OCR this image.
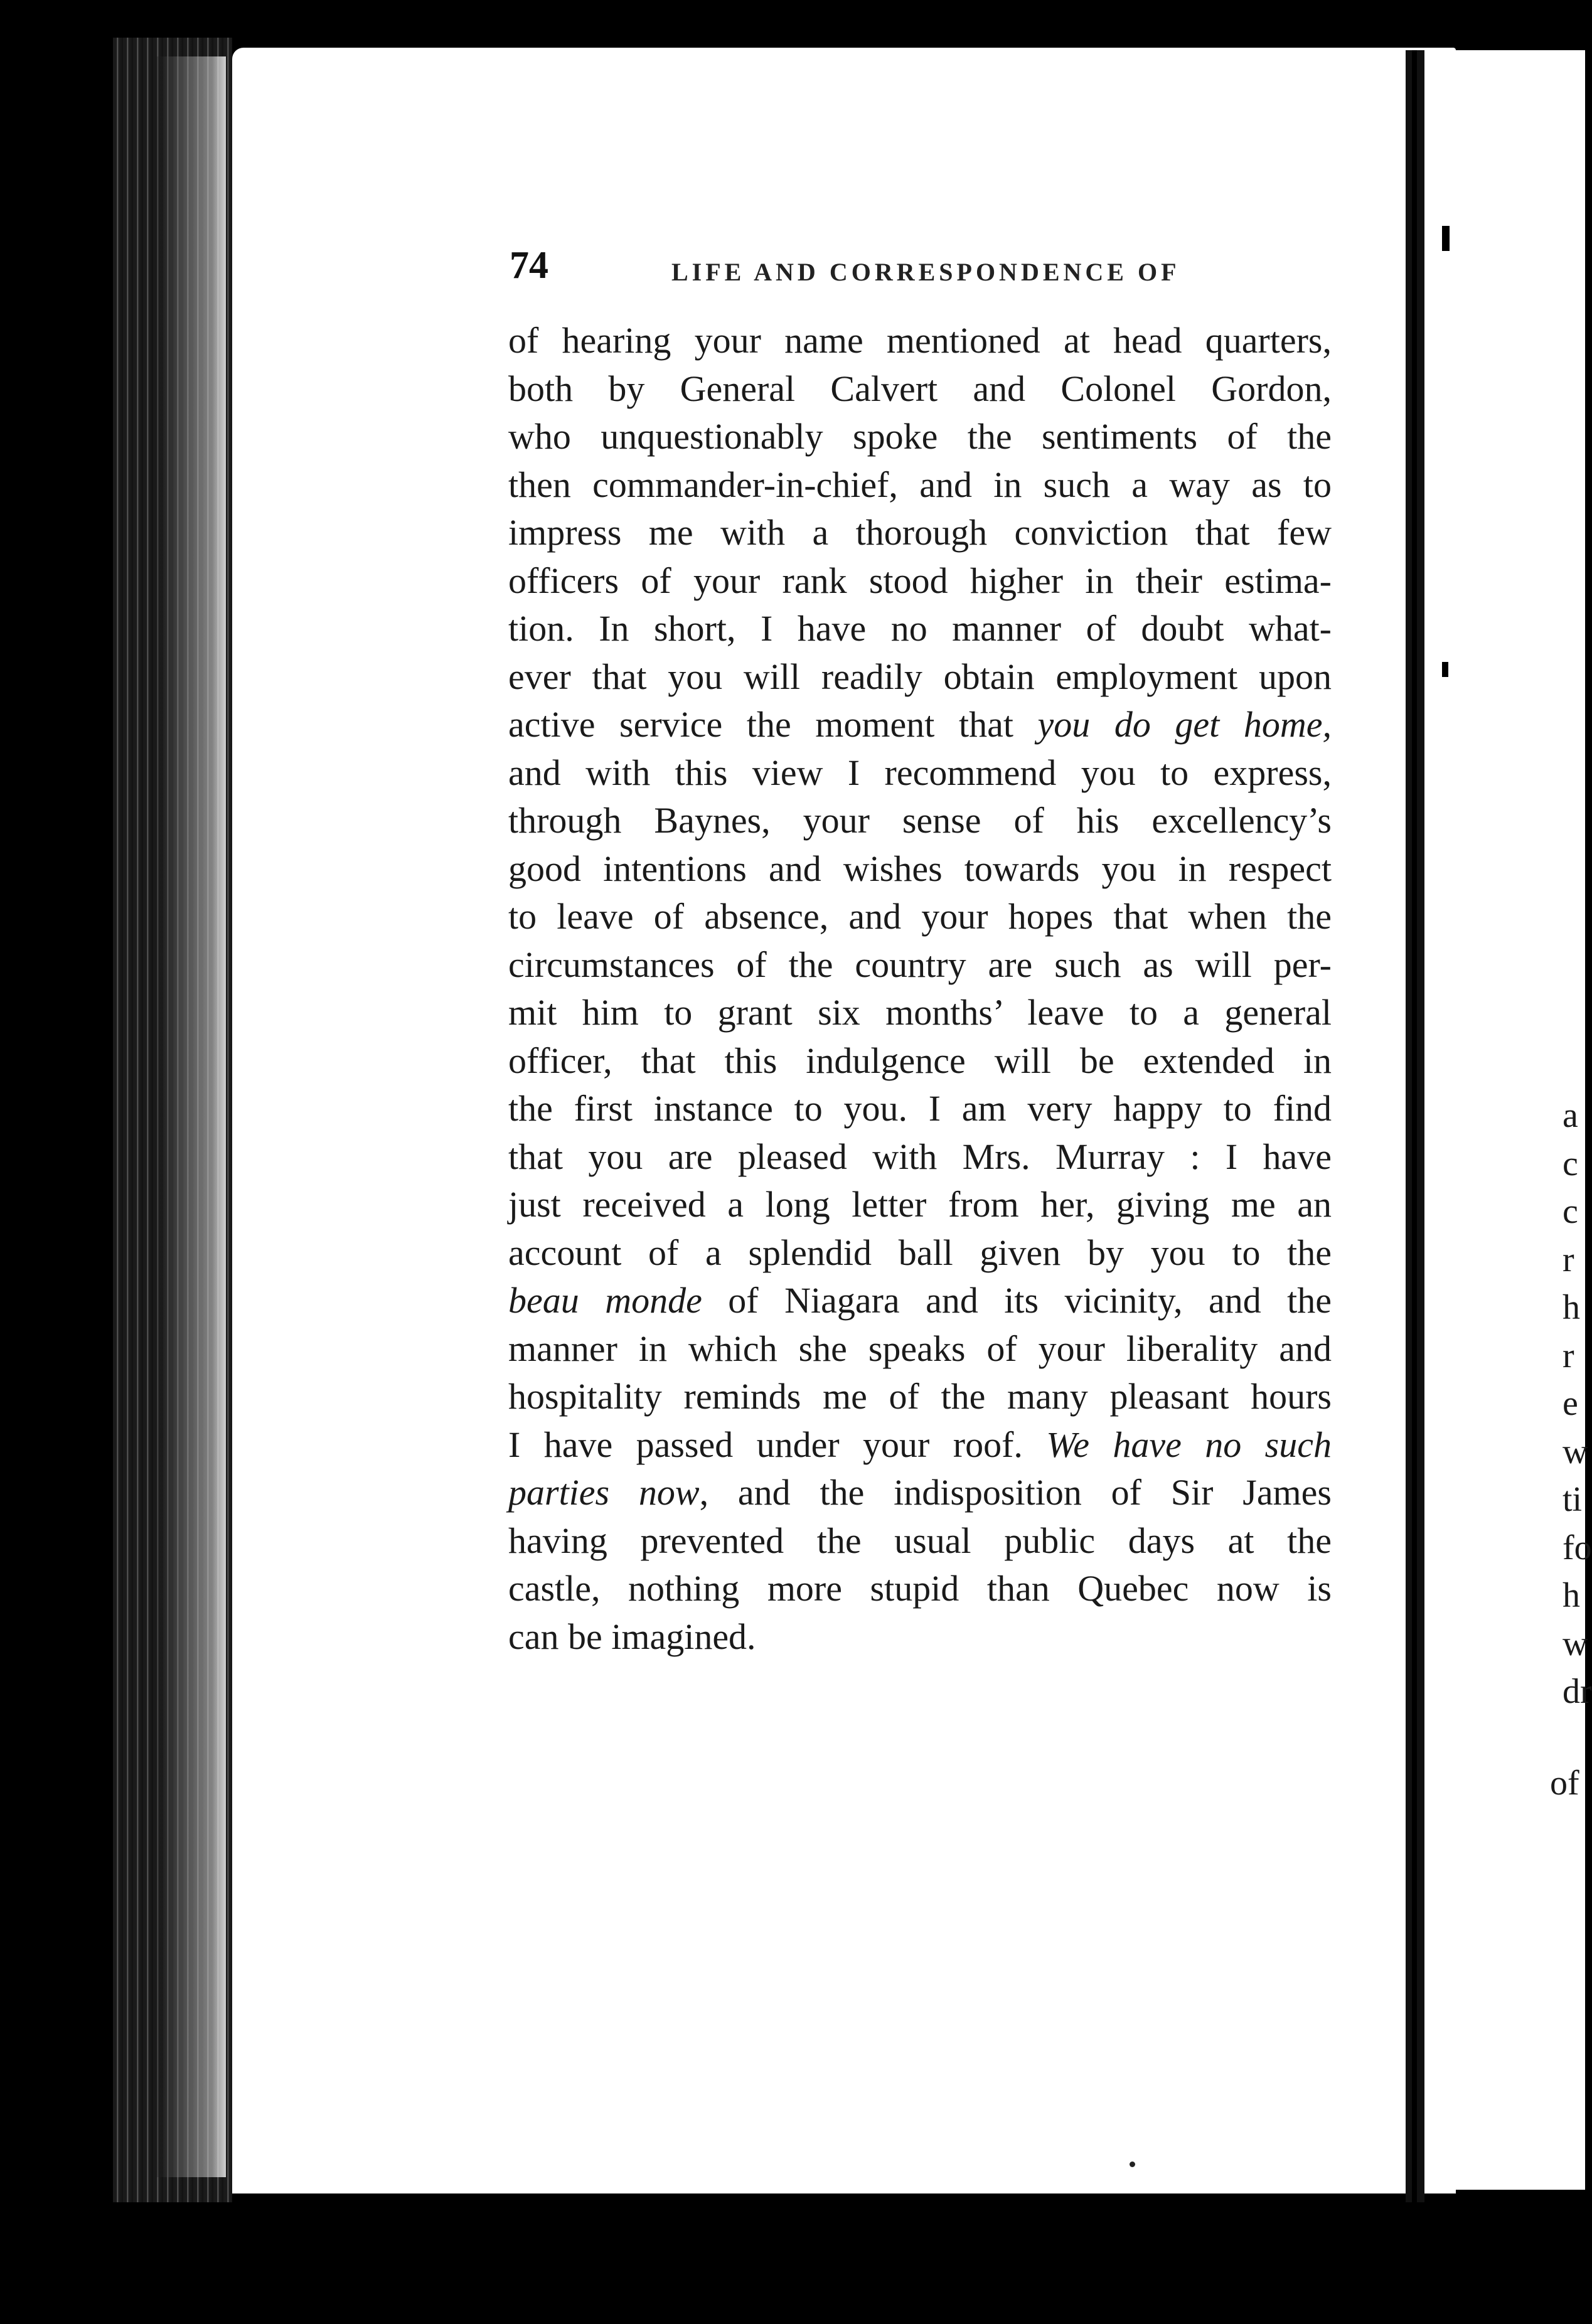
74	LIFE AND CORRESPONDENCE OF
of hearing your name mentioned at head quarters,
both by General Calvert and Colonel Gordon,
who unquestionably spoke the sentiments of the
then commander-in-chief, and in such a way as to
impress me with a thorough conviction that few
officers of your rank stood higher in their estima-
tion. In short, I have no manner of doubt what-
ever that you will readily obtain employment upon
active service the moment that you do get home,
and with this view I recommend you to express,
through Baynes, your sense of his excellency’s
good intentions and wishes towards you in respect
to leave of absence, and your hopes that when the
circumstances of the country are such as will per-
mit him to grant six months’ leave to a general
officer, that this indulgence will be extended in
the first instance to you. I am very happy to find
that you are pleased with Mrs. Murray : I have
just received a long letter from her, giving me an
account of a splendid ball given by you to the
beau monde of Niagara and its vicinity, and the
manner in which she speaks of your liberality and
hospitality reminds me of the many pleasant hours
I have passed under your roof. We have no such
parties now, and the indisposition of Sir James
having prevented the usual public days at the
castle, nothing more stupid than Quebec now is
can be imagined.
a
c
c
r
h
r
e
w
ti
fo
h
w
dr
of
